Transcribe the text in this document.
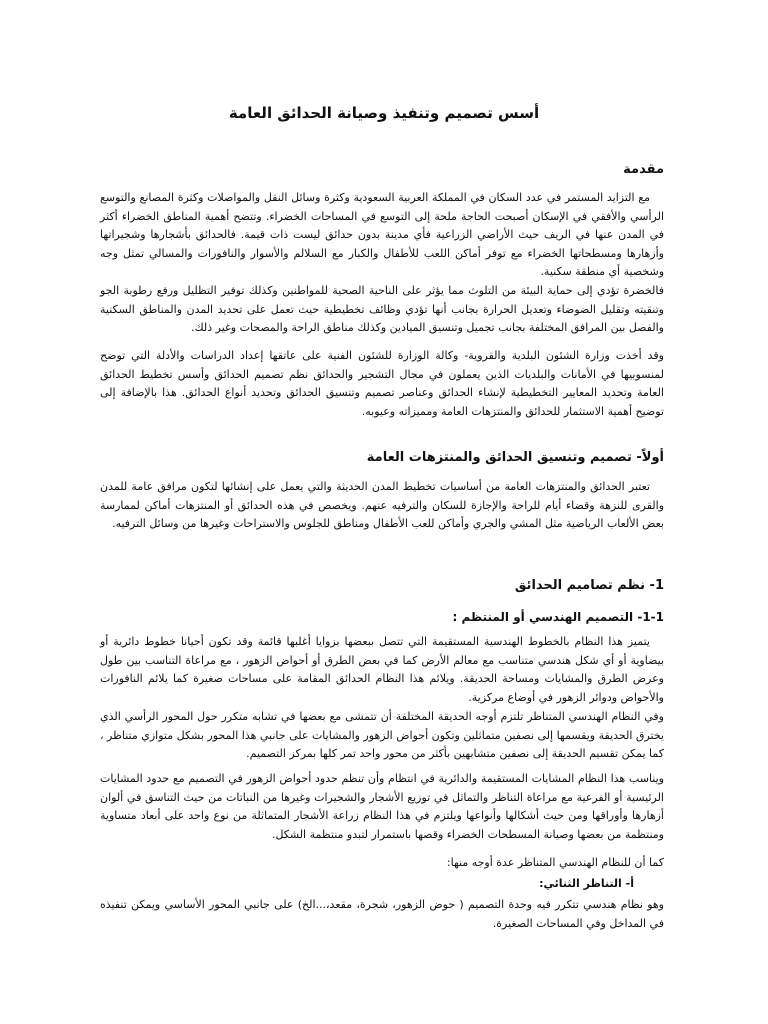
أسس تصميم وتنفيذ وصيانة الحدائق العامة
مقدمة

مع التزايد المستمر في عدد السكان في المملكة العربية السعودية وكثرة وسائل النقل والمواصلات وكثرة المصانع والتوسع الرأسي والأفقي في الإسكان أصبحت الحاجة ملحة إلى التوسع في المساحات الخضراء. وتتضح أهمية المناطق الخضراء أكثر في المدن عنها في الريف حيث الأراضي الزراعية فأي مدينة بدون حدائق ليست ذات قيمة. فالحدائق بأشجارها وشجيراتها وأزهارها ومسطحاتها الخضراء مع توفر أماكن اللعب للأطفال والكبار مع السلالم والأسوار والنافورات والمسالي تمثل وجه وشخصية أي منطقة سكنية.

فالخضرة تؤدي إلى حماية البيئة من التلوث مما يؤثر على الناحية الصحية للمواطنين وكذلك توفير التظليل ورفع رطوبة الجو وتنقيته وتقليل الضوضاء وتعديل الحرارة بجانب أنها تؤدي وظائف تخطيطية حيث تعمل على تحديد المدن والمناطق السكنية والفصل بين المرافق المختلفة بجانب تجميل وتنسيق الميادين وكذلك مناطق الراحة والمصحات وغير ذلك.

وقد أخذت وزارة الشئون البلدية والقروية- وكالة الوزارة للشئون الفنية على عاتقها إعداد الدراسات والأدلة التي توضح لمنسوبيها في الأمانات والبلديات الذين يعملون في مجال التشجير والحدائق نظم تصميم الحدائق وأسس تخطيط الحدائق العامة وتحديد المعايير التخطيطية لإنشاء الحدائق وعناصر تصميم وتنسيق الحدائق وتحديد أنواع الحدائق. هذا بالإضافة إلى توضيح أهمية الاستثمار للحدائق والمنتزهات العامة ومميزاته وعيوبه.

أولاً- تصميم وتنسيق الحدائق والمنتزهات العامة

تعتبر الحدائق والمنتزهات العامة من أساسيات تخطيط المدن الحديثة والتي يعمل على إنشائها لتكون مرافق عامة للمدن والقرى للنزهة وقضاء أيام للراحة والإجازة للسكان والترفيه عنهم. ويخصص في هذه الحدائق أو المنتزهات أماكن لممارسة بعض الألعاب الرياضية مثل المشي والجري وأماكن للعب الأطفال ومناطق للجلوس والاستراحات وغيرها من وسائل الترفيه.

1- نظم تصاميم الحدائق
1-1- التصميم الهندسي أو المنتظم :

يتميز هذا النظام بالخطوط الهندسية المستقيمة التي تتصل ببعضها بزوايا أغلبها قائمة وقد تكون أحيانا خطوط دائرية أو بيضاوية أو أي شكل هندسي متناسب مع معالم الأرض كما في بعض الطرق أو أحواض الزهور ، مع مراعاة التناسب بين طول وعرض الطرق والمشايات ومساحة الحديقة. ويلائم هذا النظام الحدائق المقامة على مساحات صغيرة كما يلائم النافورات والأحواض ودوائر الزهور في أوضاع مركزية.

وفي النظام الهندسي المتناظر تلتزم أوجه الحديقة المختلفة أن تتمشى مع بعضها في تشابه متكرر حول المحور الرأسي الذي يخترق الحديقة ويقسمها إلى نصفين متماثلين وتكون أحواض الزهور والمشايات على جانبي هذا المحور بشكل متوازي متناظر ، كما يمكن تقسيم الحديقة إلى نصفين متشابهين بأكثر من محور واحد تمر كلها بمركز التصميم.

ويناسب هذا النظام المشايات المستقيمة والدائرية في انتظام وأن تنظم حدود أحواض الزهور في التصميم مع حدود المشايات الرئيسية أو الفرعية مع مراعاة التناظر والتماثل في توزيع الأشجار والشجيرات وغيرها من النباتات من حيث التناسق في ألوان أزهارها وأوراقها ومن حيث أشكالها وأنواعها ويلتزم في هذا النظام زراعة الأشجار المتماثلة من نوع واحد على أبعاد متساوية ومنتظمة من بعضها وصيانة المسطحات الخضراء وقصها باستمرار لتبدو منتظمة الشكل.

كما أن للنظام الهندسي المتناظر عدة أوجه منها:

أ- التناظر الثنائي:

وهو نظام هندسي تتكرر فيه وحدة التصميم ( حوض الزهور، شجرة، مقعد،...الخ) على جانبي المحور الأساسي ويمكن تنفيذه في المداخل وفي المساحات الصغيرة.
